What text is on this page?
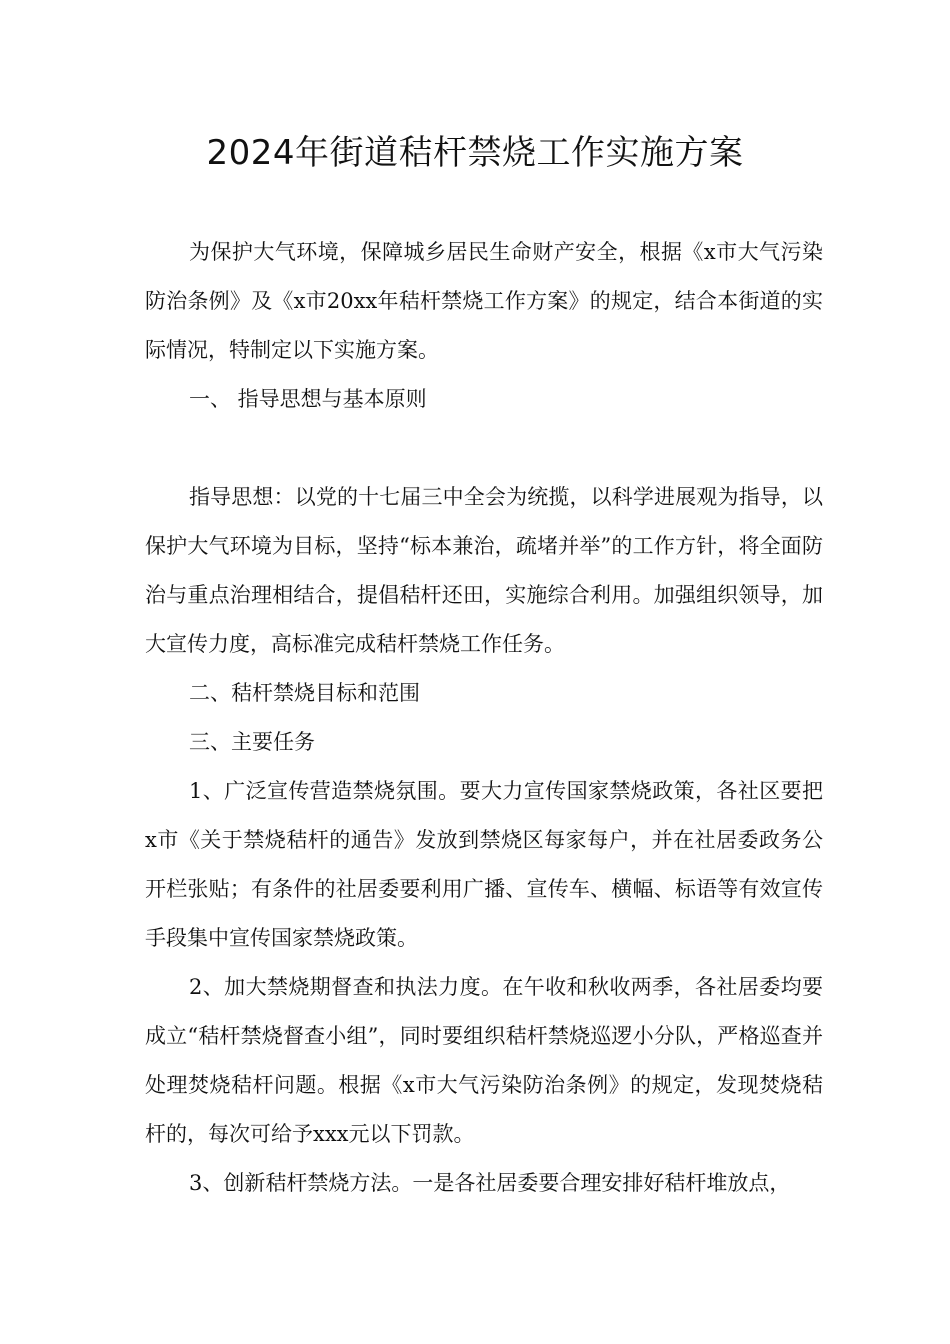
2024年街道秸杆禁烧工作实施方案

为保护大气环境，保障城乡居民生命财产安全，根据《x市大气污染防治条例》及《x市20xx年秸杆禁烧工作方案》的规定，结合本街道的实际情况，特制定以下实施方案。

一、 指导思想与基本原则

指导思想：以党的十七届三中全会为统揽，以科学进展观为指导，以保护大气环境为目标，坚持“标本兼治，疏堵并举”的工作方针，将全面防治与重点治理相结合，提倡秸杆还田，实施综合利用。加强组织领导，加大宣传力度，高标准完成秸杆禁烧工作任务。

二、秸杆禁烧目标和范围

三、主要任务

1、广泛宣传营造禁烧氛围。要大力宣传国家禁烧政策，各社区要把x市《关于禁烧秸杆的通告》发放到禁烧区每家每户，并在社居委政务公开栏张贴；有条件的社居委要利用广播、宣传车、横幅、标语等有效宣传手段集中宣传国家禁烧政策。

2、加大禁烧期督查和执法力度。在午收和秋收两季，各社居委均要成立“秸杆禁烧督查小组”，同时要组织秸杆禁烧巡逻小分队，严格巡查并处理焚烧秸杆问题。根据《x市大气污染防治条例》的规定，发现焚烧秸杆的，每次可给予xxx元以下罚款。

3、创新秸杆禁烧方法。一是各社居委要合理安排好秸杆堆放点，
